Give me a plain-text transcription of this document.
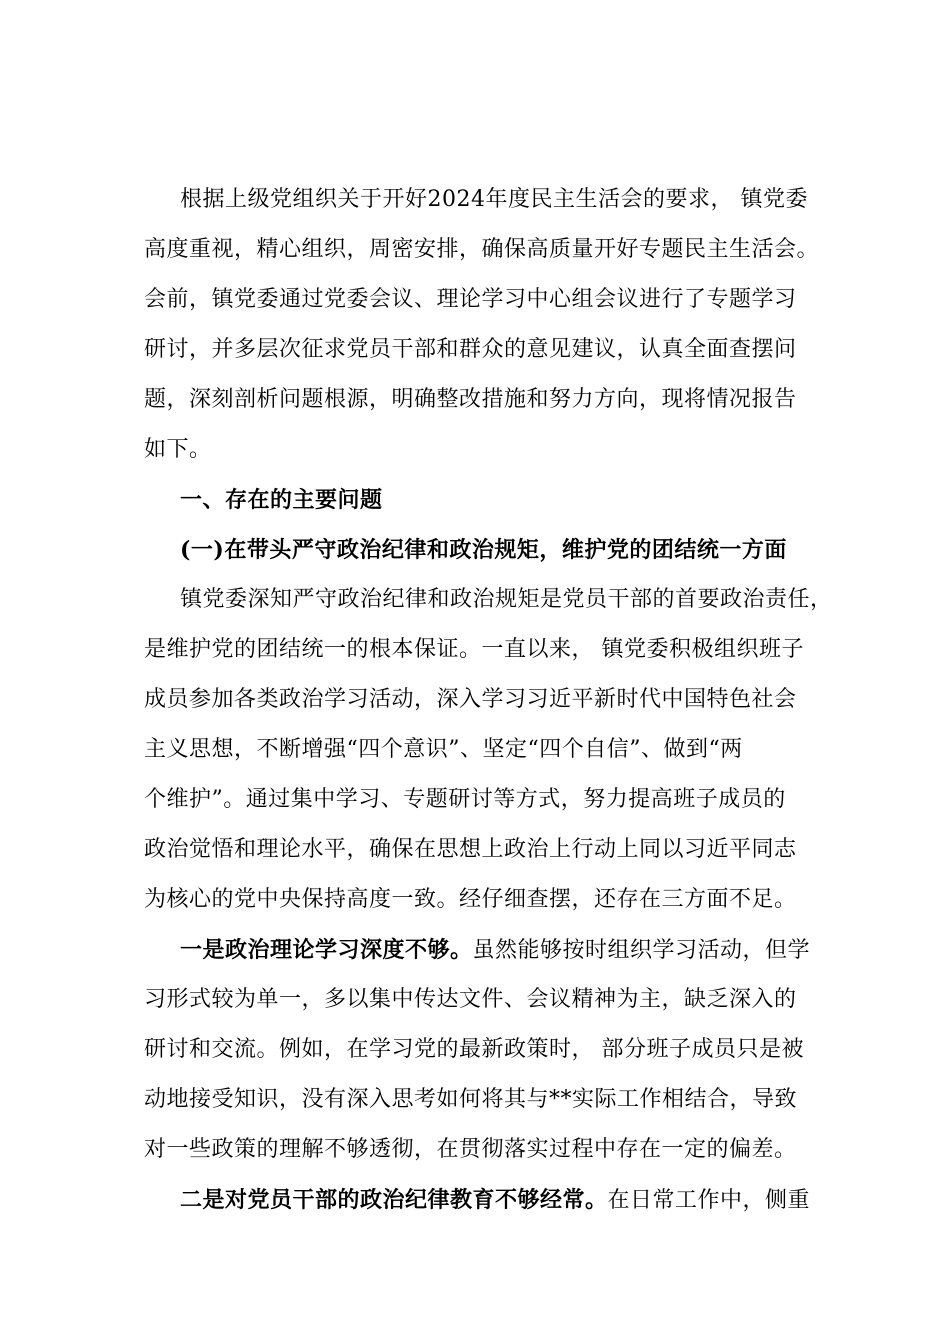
根据上级党组织关于开好2024年度民主生活会的要求， 镇党委
高度重视，精心组织，周密安排，确保高质量开好专题民主生活会。
会前，镇党委通过党委会议、理论学习中心组会议进行了专题学习
研讨，并多层次征求党员干部和群众的意见建议，认真全面查摆问
题，深刻剖析问题根源，明确整改措施和努力方向，现将情况报告
如下。
一、存在的主要问题
(一)在带头严守政治纪律和政治规矩，维护党的团结统一方面
镇党委深知严守政治纪律和政治规矩是党员干部的首要政治责任，
是维护党的团结统一的根本保证。一直以来， 镇党委积极组织班子
成员参加各类政治学习活动，深入学习习近平新时代中国特色社会
主义思想，不断增强“四个意识”、坚定“四个自信”、做到“两
个维护”。通过集中学习、专题研讨等方式，努力提高班子成员的
政治觉悟和理论水平，确保在思想上政治上行动上同以习近平同志
为核心的党中央保持高度一致。经仔细查摆，还存在三方面不足。
一是政治理论学习深度不够。虽然能够按时组织学习活动，但学
习形式较为单一，多以集中传达文件、会议精神为主，缺乏深入的
研讨和交流。例如，在学习党的最新政策时， 部分班子成员只是被
动地接受知识，没有深入思考如何将其与**实际工作相结合，导致
对一些政策的理解不够透彻，在贯彻落实过程中存在一定的偏差。
二是对党员干部的政治纪律教育不够经常。在日常工作中，侧重
